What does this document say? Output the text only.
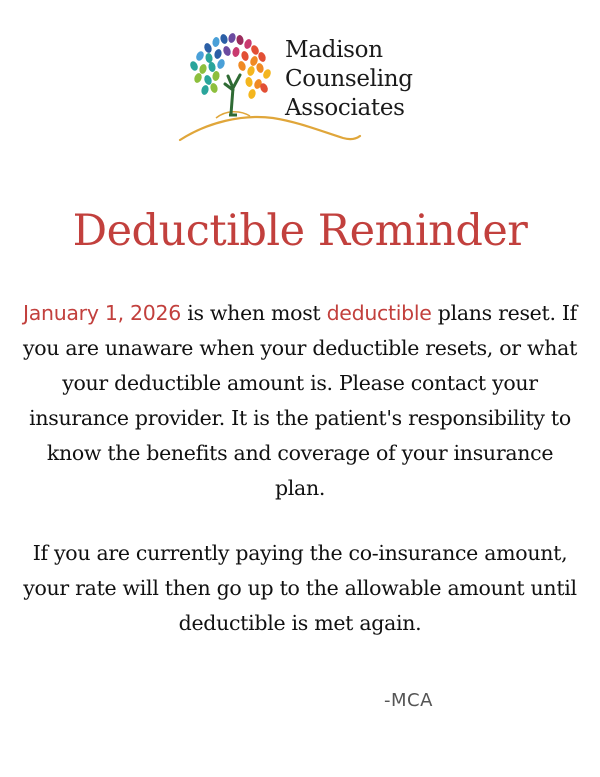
Madison
Counseling
Associates
Deductible Reminder
January 1, 2026 is when most deductible plans reset. If you are unaware when your deductible resets, or what your deductible amount is. Please contact your insurance provider. It is the patient's responsibility to know the benefits and coverage of your insurance plan.
If you are currently paying the co-insurance amount, your rate will then go up to the allowable amount until deductible is met again.
-MCA
